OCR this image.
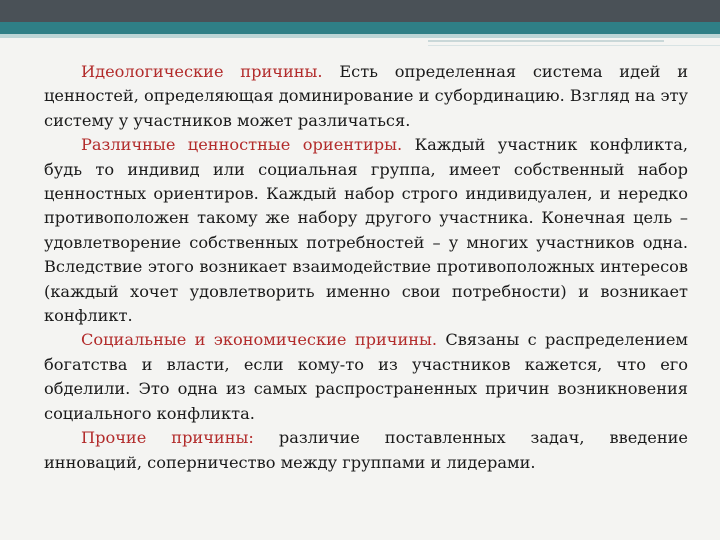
Идеологические причины. Есть определенная система идей и ценностей, определяющая доминирование и субординацию. Взгляд на эту систему у участников может различаться.

Различные ценностные ориентиры. Каждый участник конфликта, будь то индивид или социальная группа, имеет собственный набор ценностных ориентиров. Каждый набор строго индивидуален, и нередко противоположен такому же набору другого участника. Конечная цель – удовлетворение собственных потребностей – у многих участников одна. Вследствие этого возникает взаимодействие противоположных интересов (каждый хочет удовлетворить именно свои потребности) и возникает конфликт.

Социальные и экономические причины. Связаны с распределением богатства и власти, если кому-то из участников кажется, что его обделили. Это одна из самых распространенных причин возникновения социального конфликта.

Прочие причины: различие поставленных задач, введение инноваций, соперничество между группами и лидерами.
